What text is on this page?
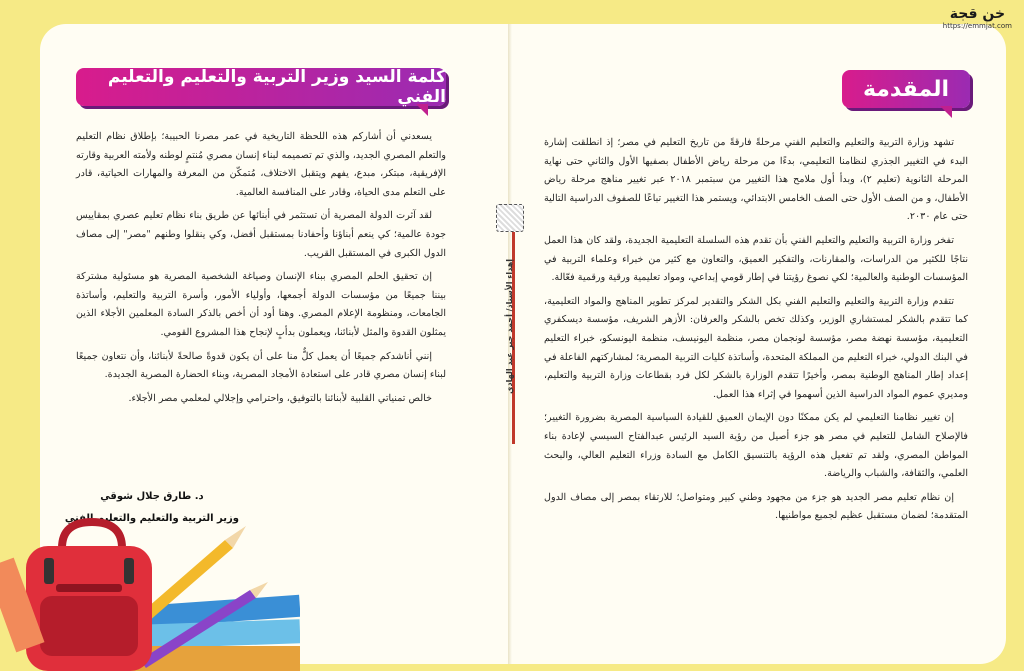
خن قجة
https://emmjat.com
المقدمة
كلمة السيد وزير التربية والتعليم والتعليم الفني

تشهد وزارة التربية والتعليم والتعليم الفني مرحلةً فارقةً من تاريخ التعليم في مصر؛ إذ انطلقت إشارة البدء في التغيير الجذري لنظامنا التعليمي، بدءًا من مرحلة رياض الأطفال بصفيها الأول والثاني حتى نهاية المرحلة الثانوية (تعليم ٢)، وبدأ أول ملامح هذا التغيير من سبتمبر ٢٠١٨ عبر تغيير مناهج مرحلة رياض الأطفال، و من الصف الأول حتى الصف الخامس الابتدائي، ويستمر هذا التغيير تباعًا للصفوف الدراسية التالية حتى عام ٢٠٣٠.

تفخر وزارة التربية والتعليم والتعليم الفني بأن تقدم هذه السلسلة التعليمية الجديدة، ولقد كان هذا العمل نتاجًا للكثير من الدراسات، والمقارنات، والتفكير العميق، والتعاون مع كثير من خبراء وعلماء التربية في المؤسسات الوطنية والعالمية؛ لكي نصوغ رؤيتنا في إطار قومي إبداعي، ومواد تعليمية ورقية ورقمية فعّالة.

تتقدم وزارة التربية والتعليم والتعليم الفني بكل الشكر والتقدير لمركز تطوير المناهج والمواد التعليمية، كما تتقدم بالشكر لمستشاري الوزير، وكذلك تخص بالشكر والعرفان: الأزهر الشريف، مؤسسة ديسكفري التعليمية، مؤسسة نهضة مصر، مؤسسة لونجمان مصر، منظمة اليونيسف، منظمة اليونسكو، خبراء التعليم في البنك الدولي، خبراء التعليم من المملكة المتحدة، وأساتذة كليات التربية المصرية؛ لمشاركتهم الفاعلة في إعداد إطار المناهج الوطنية بمصر، وأخيرًا تتقدم الوزارة بالشكر لكل فرد بقطاعات وزارة التربية والتعليم، ومديري عموم المواد الدراسية الذين أسهموا في إثراء هذا العمل.

إن تغيير نظامنا التعليمي لم يكن ممكنًا دون الإيمان العميق للقيادة السياسية المصرية بضرورة التغيير؛ فالإصلاح الشامل للتعليم في مصر هو جزء أصيل من رؤية السيد الرئيس عبدالفتاح السيسي لإعادة بناء المواطن المصري، ولقد تم تفعيل هذه الرؤية بالتنسيق الكامل مع السادة وزراء التعليم العالي، والبحث العلمي، والثقافة، والشباب والرياضة.

إن نظام تعليم مصر الجديد هو جزء من مجهود وطني كبير ومتواصل؛ للارتقاء بمصر إلى مصاف الدول المتقدمة؛ لضمان مستقبل عظيم لجميع مواطنيها.

يسعدني أن أشاركم هذه اللحظة التاريخية في عمر مصرنا الحبيبة؛ بإطلاق نظام التعليم والتعلم المصري الجديد، والذي تم تصميمه لبناء إنسان مصري مُنتمٍ لوطنه ولأمته العربية وقارته الإفريقية، مبتكر، مبدع، يفهم ويتقبل الاختلاف، مُتمكّن من المعرفة والمهارات الحياتية، قادر على التعلم مدى الحياة، وقادر على المنافسة العالمية.

لقد آثرت الدولة المصرية أن تستثمر في أبنائها عن طريق بناء نظام تعليم عصري بمقاييس جودة عالمية؛ كي ينعم أبناؤنا وأحفادنا بمستقبل أفضل، وكي ينقلوا وطنهم "مصر" إلى مصاف الدول الكبرى في المستقبل القريب.

إن تحقيق الحلم المصري ببناء الإنسان وصياغة الشخصية المصرية هو مسئولية مشتركة بيننا جميعًا من مؤسسات الدولة أجمعها، وأولياء الأمور، وأسرة التربية والتعليم، وأساتذة الجامعات، ومنظومة الإعلام المصري. وهنا أود أن أخص بالذكر السادة المعلمين الأجلاء الذين يمثلون القدوة والمثل لأبنائنا، ويعملون بدأبٍ لإنجاح هذا المشروع القومي.

إنني أناشدكم جميعًا أن يعمل كلٌّ منا على أن يكون قدوةً صالحةً لأبنائنا، وأن نتعاون جميعًا لبناء إنسان مصري قادر على استعادة الأمجاد المصرية، وبناء الحضارة المصرية الجديدة.

خالص تمنياتي القلبية لأبنائنا بالتوفيق، واحترامي وإجلالي لمعلمي مصر الأجلاء.

د. طارق جلال شوقي
وزير التربية والتعليم والتعليم الفني
إهداء الأستاذ/ أحمد جبر عبد الهادي
